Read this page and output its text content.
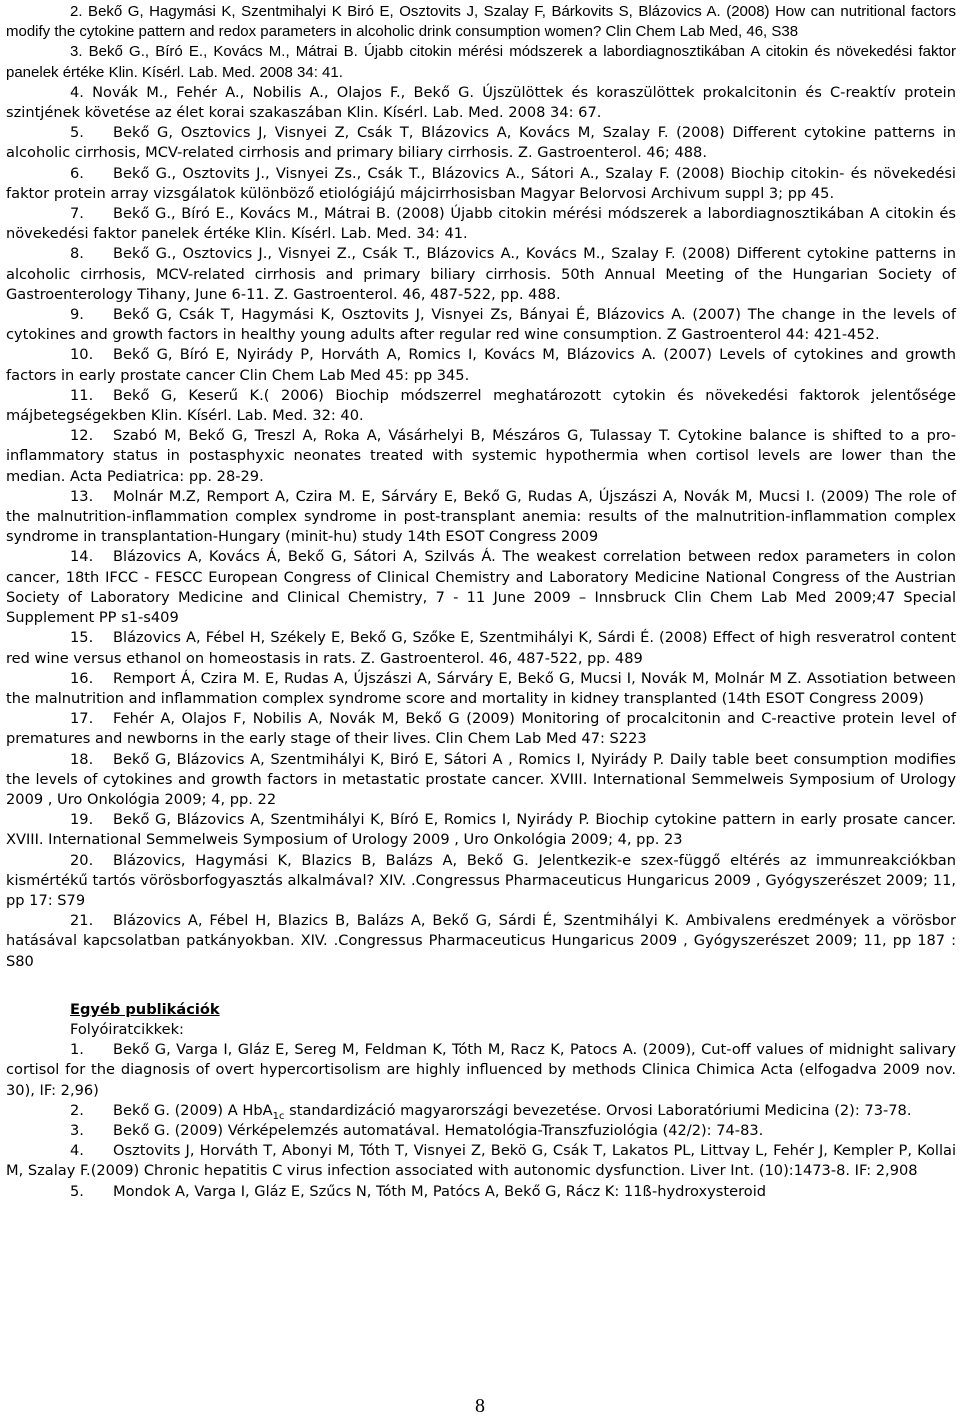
2. Bekő G, Hagymási K, Szentmihalyi K Biró E, Osztovits J, Szalay F, Bárkovits S, Blázovics A. (2008) How can nutritional factors modify the cytokine pattern and redox parameters in alcoholic drink consumption women? Clin Chem Lab Med, 46, S38

3. Bekő G., Bíró E., Kovács M., Mátrai B. Újabb citokin mérési módszerek a labordiagnosztikában A citokin és növekedési faktor panelek értéke Klin. Kísérl. Lab. Med. 2008 34: 41.

4. Novák M., Fehér A., Nobilis A., Olajos F., Bekő G. Újszülöttek és koraszülöttek prokalcitonin és C-reaktív protein szintjének követése az élet korai szakaszában Klin. Kísérl. Lab. Med. 2008 34: 67.

5. Bekő G, Osztovics J, Visnyei Z, Csák T, Blázovics A, Kovács M, Szalay F. (2008) Different cytokine patterns in alcoholic cirrhosis, MCV-related cirrhosis and primary biliary cirrhosis. Z. Gastroenterol. 46; 488.

6. Bekő G., Osztovits J., Visnyei Zs., Csák T., Blázovics A., Sátori A., Szalay F. (2008) Biochip citokin- és növekedési faktor protein array vizsgálatok különböző etiológiájú májcirrhosisban Magyar Belorvosi Archivum suppl 3; pp 45.

7. Bekő G., Bíró E., Kovács M., Mátrai B. (2008) Újabb citokin mérési módszerek a labordiagnosztikában A citokin és növekedési faktor panelek értéke Klin. Kísérl. Lab. Med. 34: 41.

8. Bekő G., Osztovics J., Visnyei Z., Csák T., Blázovics A., Kovács M., Szalay F. (2008) Different cytokine patterns in alcoholic cirrhosis, MCV-related cirrhosis and primary biliary cirrhosis. 50th Annual Meeting of the Hungarian Society of Gastroenterology Tihany, June 6-11. Z. Gastroenterol. 46, 487-522, pp. 488.

9. Bekő G, Csák T, Hagymási K, Osztovits J, Visnyei Zs, Bányai É, Blázovics A. (2007) The change in the levels of cytokines and growth factors in healthy young adults after regular red wine consumption. Z Gastroenterol 44: 421-452.

10. Bekő G, Bíró E, Nyirády P, Horváth A, Romics I, Kovács M, Blázovics A. (2007) Levels of cytokines and growth factors in early prostate cancer Clin Chem Lab Med 45: pp 345.

11. Bekő G, Keserű K.( 2006) Biochip módszerrel meghatározott cytokin és növekedési faktorok jelentősége májbetegségekben Klin. Kísérl. Lab. Med. 32: 40.

12. Szabó M, Bekő G, Treszl A, Roka A, Vásárhelyi B, Mészáros G, Tulassay T. Cytokine balance is shifted to a pro-inflammatory status in postasphyxic neonates treated with systemic hypothermia when cortisol levels are lower than the median. Acta Pediatrica: pp. 28-29.

13. Molnár M.Z, Remport A, Czira M. E, Sárváry E, Bekő G, Rudas A, Újszászi A, Novák M, Mucsi I. (2009) The role of the malnutrition-inflammation complex syndrome in post-transplant anemia: results of the malnutrition-inflammation complex syndrome in transplantation-Hungary (minit-hu) study 14th ESOT Congress 2009

14. Blázovics A, Kovács Á, Bekő G, Sátori A, Szilvás Á. The weakest correlation between redox parameters in colon cancer, 18th IFCC - FESCC European Congress of Clinical Chemistry and Laboratory Medicine National Congress of the Austrian Society of Laboratory Medicine and Clinical Chemistry, 7 - 11 June 2009 – Innsbruck Clin Chem Lab Med 2009;47 Special Supplement PP s1-s409

15. Blázovics A, Fébel H, Székely E, Bekő G, Szőke E, Szentmihályi K, Sárdi É. (2008) Effect of high resveratrol content red wine versus ethanol on homeostasis in rats. Z. Gastroenterol. 46, 487-522, pp. 489

16. Remport Á, Czira M. E, Rudas A, Újszászi A, Sárváry E, Bekő G, Mucsi I, Novák M, Molnár M Z. Assotiation between the malnutrition and inflammation complex syndrome score and mortality in kidney transplanted (14th ESOT Congress 2009)

17. Fehér A, Olajos F, Nobilis A, Novák M, Bekő G (2009) Monitoring of procalcitonin and C-reactive protein level of prematures and newborns in the early stage of their lives. Clin Chem Lab Med 47: S223

18. Bekő G, Blázovics A, Szentmihályi K, Biró E, Sátori A , Romics I, Nyirády P. Daily table beet consumption modifies the levels of cytokines and growth factors in metastatic prostate cancer. XVIII. International Semmelweis Symposium of Urology 2009 , Uro Onkológia 2009; 4, pp. 22

19. Bekő G, Blázovics A, Szentmihályi K, Bíró E, Romics I, Nyirády P. Biochip cytokine pattern in early prosate cancer. XVIII. International Semmelweis Symposium of Urology 2009 , Uro Onkológia 2009; 4, pp. 23

20. Blázovics, Hagymási K, Blazics B, Balázs A, Bekő G. Jelentkezik-e szex-függő eltérés az immunreakciókban kismértékű tartós vörösborfogyasztás alkalmával? XIV. .Congressus Pharmaceuticus Hungaricus 2009 , Gyógyszerészet 2009; 11, pp 17: S79

21. Blázovics A, Fébel H, Blazics B, Balázs A, Bekő G, Sárdi É, Szentmihályi K. Ambivalens eredmények a vörösbor hatásával kapcsolatban patkányokban. XIV. .Congressus Pharmaceuticus Hungaricus 2009 , Gyógyszerészet 2009; 11, pp 187 : S80

Egyéb publikációk
Folyóiratcikkek:

1. Bekő G, Varga I, Gláz E, Sereg M, Feldman K, Tóth M, Racz K, Patocs A. (2009), Cut-off values of midnight salivary cortisol for the diagnosis of overt hypercortisolism are highly influenced by methods Clinica Chimica Acta (elfogadva 2009 nov. 30), IF: 2,96)

2. Bekő G. (2009) A HbA$_{1c}$ standardizáció magyarországi bevezetése. Orvosi Laboratóriumi Medicina (2): 73-78.

3. Bekő G. (2009) Vérképelemzés automatával. Hematológia-Transzfuziológia (42/2): 74-83.

4. Osztovits J, Horváth T, Abonyi M, Tóth T, Visnyei Z, Bekö G, Csák T, Lakatos PL, Littvay L, Fehér J, Kempler P, Kollai M, Szalay F.(2009) Chronic hepatitis C virus infection associated with autonomic dysfunction. Liver Int. (10):1473-8. IF: 2,908

5. Mondok A, Varga I, Gláz E, Szűcs N, Tóth M, Patócs A, Bekő G, Rácz K: 11ß-hydroxysteroid

8
